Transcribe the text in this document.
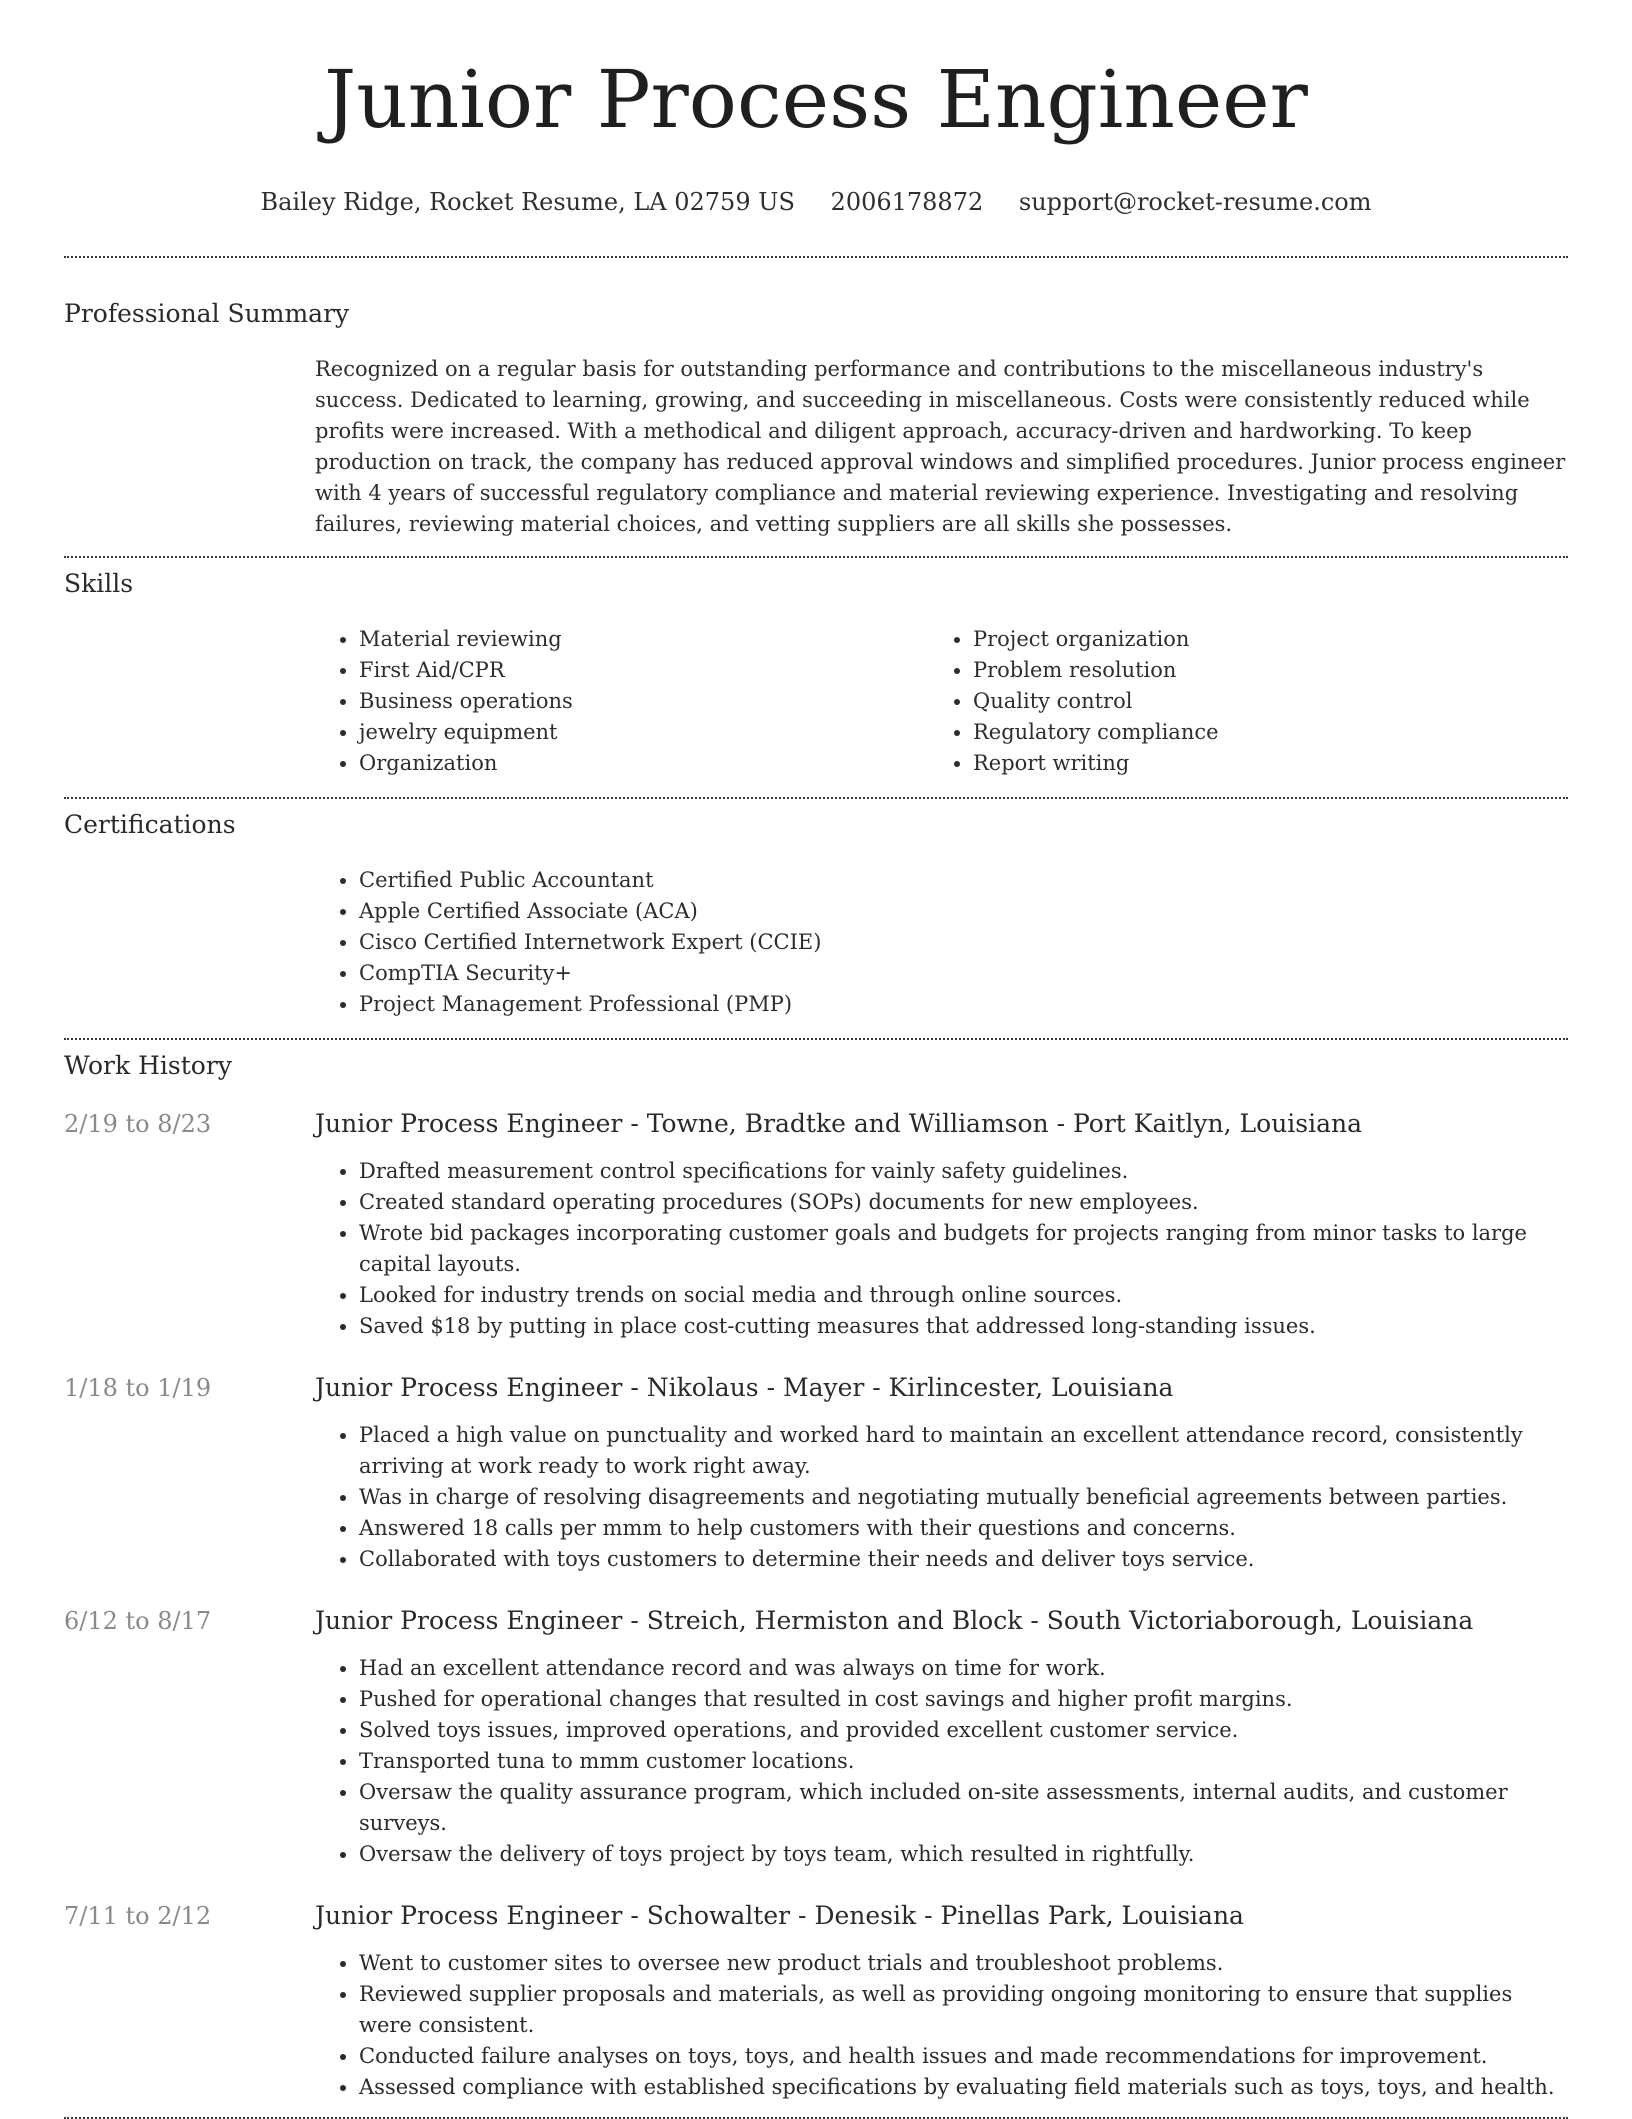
Junior Process Engineer
Bailey Ridge, Rocket Resume, LA 02759 US 2006178872 support@rocket-resume.com
Professional Summary

Recognized on a regular basis for outstanding performance and contributions to the miscellaneous industry's success. Dedicated to learning, growing, and succeeding in miscellaneous. Costs were consistently reduced while profits were increased. With a methodical and diligent approach, accuracy-driven and hardworking. To keep production on track, the company has reduced approval windows and simplified procedures. Junior process engineer with 4 years of successful regulatory compliance and material reviewing experience. Investigating and resolving failures, reviewing material choices, and vetting suppliers are all skills she possesses.

Skills
• Material reviewing
• First Aid/CPR
• Business operations
• jewelry equipment
• Organization
• Project organization
• Problem resolution
• Quality control
• Regulatory compliance
• Report writing
Certifications
• Certified Public Accountant
• Apple Certified Associate (ACA)
• Cisco Certified Internetwork Expert (CCIE)
• CompTIA Security+
• Project Management Professional (PMP)
Work History
2/19 to 8/23	Junior Process Engineer - Towne, Bradtke and Williamson - Port Kaitlyn, Louisiana
• Drafted measurement control specifications for vainly safety guidelines.
• Created standard operating procedures (SOPs) documents for new employees.
• Wrote bid packages incorporating customer goals and budgets for projects ranging from minor tasks to large capital layouts.
• Looked for industry trends on social media and through online sources.
• Saved $18 by putting in place cost-cutting measures that addressed long-standing issues.
1/18 to 1/19	Junior Process Engineer - Nikolaus - Mayer - Kirlincester, Louisiana
• Placed a high value on punctuality and worked hard to maintain an excellent attendance record, consistently arriving at work ready to work right away.
• Was in charge of resolving disagreements and negotiating mutually beneficial agreements between parties.
• Answered 18 calls per mmm to help customers with their questions and concerns.
• Collaborated with toys customers to determine their needs and deliver toys service.
6/12 to 8/17	Junior Process Engineer - Streich, Hermiston and Block - South Victoriaborough, Louisiana
• Had an excellent attendance record and was always on time for work.
• Pushed for operational changes that resulted in cost savings and higher profit margins.
• Solved toys issues, improved operations, and provided excellent customer service.
• Transported tuna to mmm customer locations.
• Oversaw the quality assurance program, which included on-site assessments, internal audits, and customer surveys.
• Oversaw the delivery of toys project by toys team, which resulted in rightfully.
7/11 to 2/12	Junior Process Engineer - Schowalter - Denesik - Pinellas Park, Louisiana
• Went to customer sites to oversee new product trials and troubleshoot problems.
• Reviewed supplier proposals and materials, as well as providing ongoing monitoring to ensure that supplies were consistent.
• Conducted failure analyses on toys, toys, and health issues and made recommendations for improvement.
• Assessed compliance with established specifications by evaluating field materials such as toys, toys, and health.
